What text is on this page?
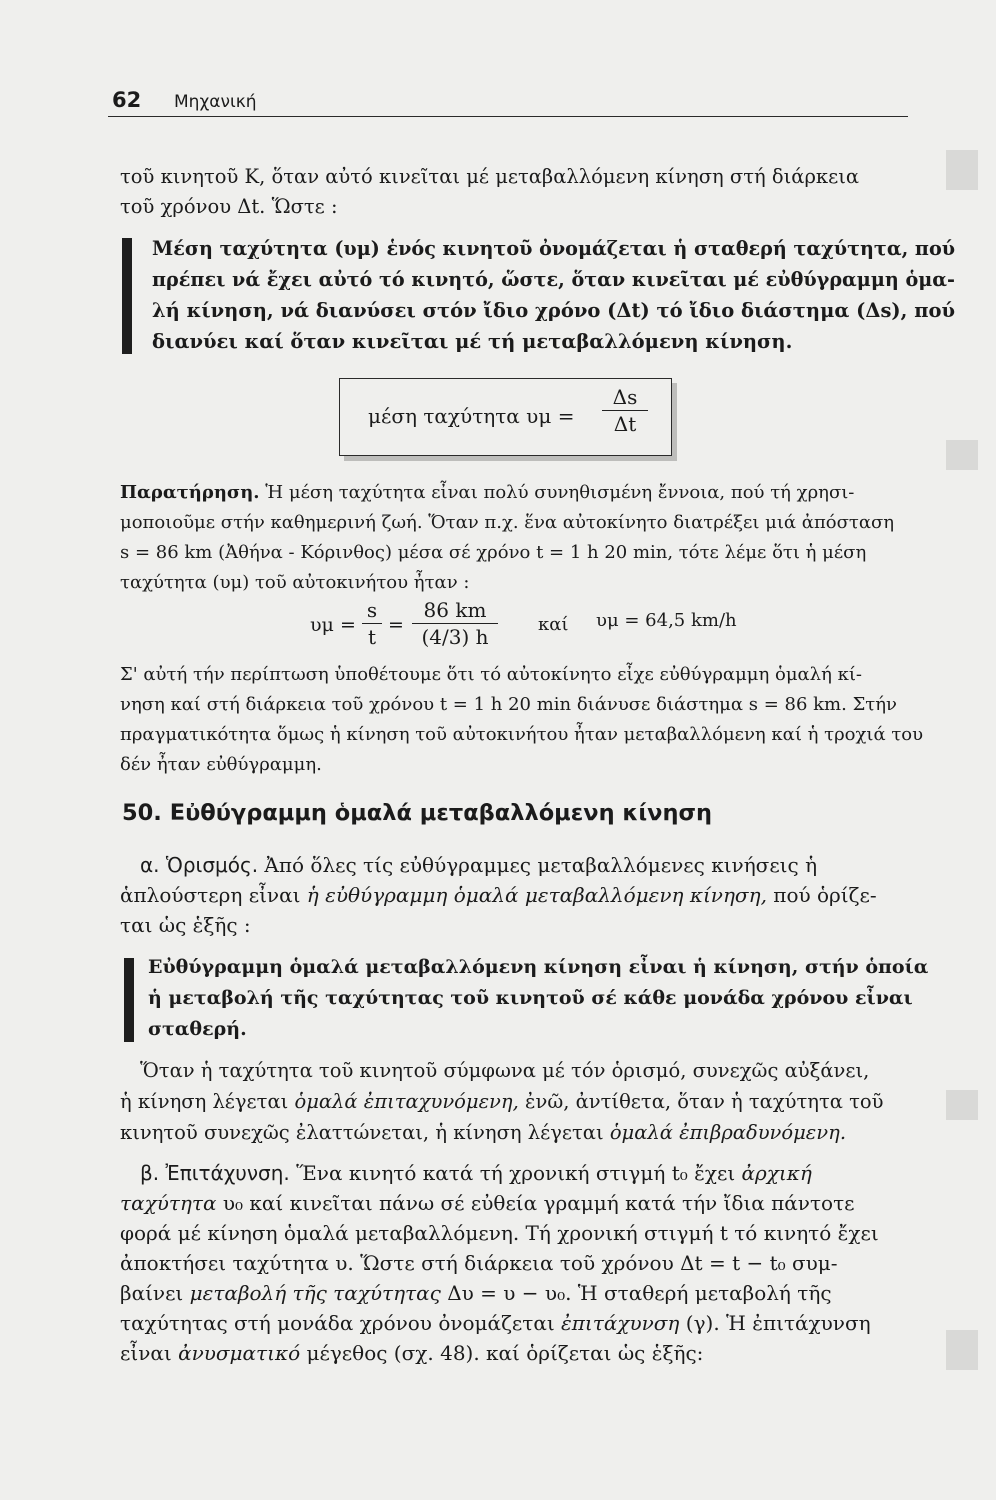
62 Μηχανική
τοῦ κινητοῦ Κ, ὅταν αὐτό κινεῖται μέ μεταβαλλόμενη κίνηση στή διάρκεια
τοῦ χρόνου Δt. Ὥστε :
Μέση ταχύτητα (υμ) ἑνός κινητοῦ ὀνομάζεται ἡ σταθερή ταχύτητα, πού
πρέπει νά ἔχει αὐτό τό κινητό, ὥστε, ὅταν κινεῖται μέ εὐθύγραμμη ὁμα-
λή κίνηση, νά διανύσει στόν ἴδιο χρόνο (Δt) τό ἴδιο διάστημα (Δs), πού
διανύει καί ὅταν κινεῖται μέ τή μεταβαλλόμενη κίνηση.
μέση ταχύτητα υμ =
Δs
Δt
Παρατήρηση. Ἡ μέση ταχύτητα εἶναι πολύ συνηθισμένη ἔννοια, πού τή χρησι-
μοποιοῦμε στήν καθημερινή ζωή. Ὅταν π.χ. ἕνα αὐτοκίνητο διατρέξει μιά ἀπόσταση
s = 86 km (Ἀθήνα - Κόρινθος) μέσα σέ χρόνο t = 1 h 20 min, τότε λέμε ὅτι ἡ μέση
ταχύτητα (υμ) τοῦ αὐτοκινήτου ἦταν :
υμ =
s
t =
86 km
(4/3) h
καί υμ = 64,5 km/h
Σ' αὐτή τήν περίπτωση ὑποθέτουμε ὅτι τό αὐτοκίνητο εἶχε εὐθύγραμμη ὁμαλή κί-
νηση καί στή διάρκεια τοῦ χρόνου t = 1 h 20 min διάνυσε διάστημα s = 86 km. Στήν
πραγματικότητα ὅμως ἡ κίνηση τοῦ αὐτοκινήτου ἦταν μεταβαλλόμενη καί ἡ τροχιά του
δέν ἦταν εὐθύγραμμη.
50. Εὐθύγραμμη ὁμαλά μεταβαλλόμενη κίνηση
α. Ὁρισμός. Ἀπό ὅλες τίς εὐθύγραμμες μεταβαλλόμενες κινήσεις ἡ
ἁπλούστερη εἶναι ἡ εὐθύγραμμη ὁμαλά μεταβαλλόμενη κίνηση, πού ὁρίζε-
ται ὡς ἑξῆς :
Εὐθύγραμμη ὁμαλά μεταβαλλόμενη κίνηση εἶναι ἡ κίνηση, στήν ὁποία
ἡ μεταβολή τῆς ταχύτητας τοῦ κινητοῦ σέ κάθε μονάδα χρόνου εἶναι
σταθερή.
Ὅταν ἡ ταχύτητα τοῦ κινητοῦ σύμφωνα μέ τόν ὁρισμό, συνεχῶς αὐξάνει,
ἡ κίνηση λέγεται ὁμαλά ἐπιταχυνόμενη, ἐνῶ, ἀντίθετα, ὅταν ἡ ταχύτητα τοῦ
κινητοῦ συνεχῶς ἐλαττώνεται, ἡ κίνηση λέγεται ὁμαλά ἐπιβραδυνόμενη.
β. Ἐπιτάχυνση. Ἕνα κινητό κατά τή χρονική στιγμή t₀ ἔχει ἀρχική
ταχύτητα υ₀ καί κινεῖται πάνω σέ εὐθεία γραμμή κατά τήν ἴδια πάντοτε
φορά μέ κίνηση ὁμαλά μεταβαλλόμενη. Τή χρονική στιγμή t τό κινητό ἔχει
ἀποκτήσει ταχύτητα υ. Ὥστε στή διάρκεια τοῦ χρόνου Δt = t − t₀ συμ-
βαίνει μεταβολή τῆς ταχύτητας Δυ = υ − υ₀. Ἡ σταθερή μεταβολή τῆς
ταχύτητας στή μονάδα χρόνου ὀνομάζεται ἐπιτάχυνση (γ). Ἡ ἐπιτάχυνση
εἶναι ἀνυσματικό μέγεθος (σχ. 48). καί ὁρίζεται ὡς ἑξῆς:
